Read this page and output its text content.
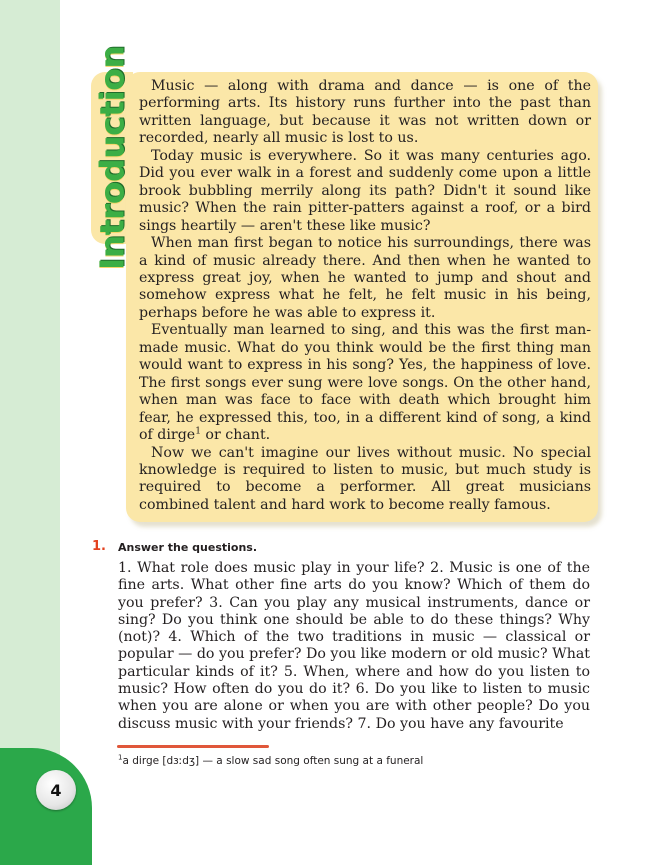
Introduction	Music — along with drama and dance — is one of the performing arts. Its history runs further into the past than written language, but because it was not written down or recorded, nearly all music is lost to us.

Today music is everywhere. So it was many centuries ago. Did you ever walk in a forest and suddenly come upon a little brook bubbling merrily along its path? Didn't it sound like music? When the rain pitter-patters against a roof, or a bird sings heartily — aren't these like music?

When man first began to notice his surroundings, there was a kind of music already there. And then when he wanted to express great joy, when he wanted to jump and shout and somehow express what he felt, he felt music in his being, perhaps before he was able to express it.

Eventually man learned to sing, and this was the first man-made music. What do you think would be the first thing man would want to express in his song? Yes, the happiness of love. The first songs ever sung were love songs. On the other hand, when man was face to face with death which brought him fear, he expressed this, too, in a different kind of song, a kind of dirge$^1$ or chant.

Now we can't imagine our lives without music. No special knowledge is required to listen to music, but much study is required to become a performer. All great musicians combined talent and hard work to become really famous.

1. Answer the questions.
1. What role does music play in your life? 2. Music is one of the fine arts. What other fine arts do you know? Which of them do you prefer? 3. Can you play any musical instruments, dance or sing? Do you think one should be able to do these things? Why (not)? 4. Which of the two traditions in music — classical or popular — do you prefer? Do you like modern or old music? What particular kinds of it? 5. When, where and how do you listen to music? How often do you do it? 6. Do you like to listen to music when you are alone or when you are with other people? Do you discuss music with your friends? 7. Do you have any favourite
$^1$a dirge [dɜːdʒ] — a slow sad song often sung at a funeral
4
